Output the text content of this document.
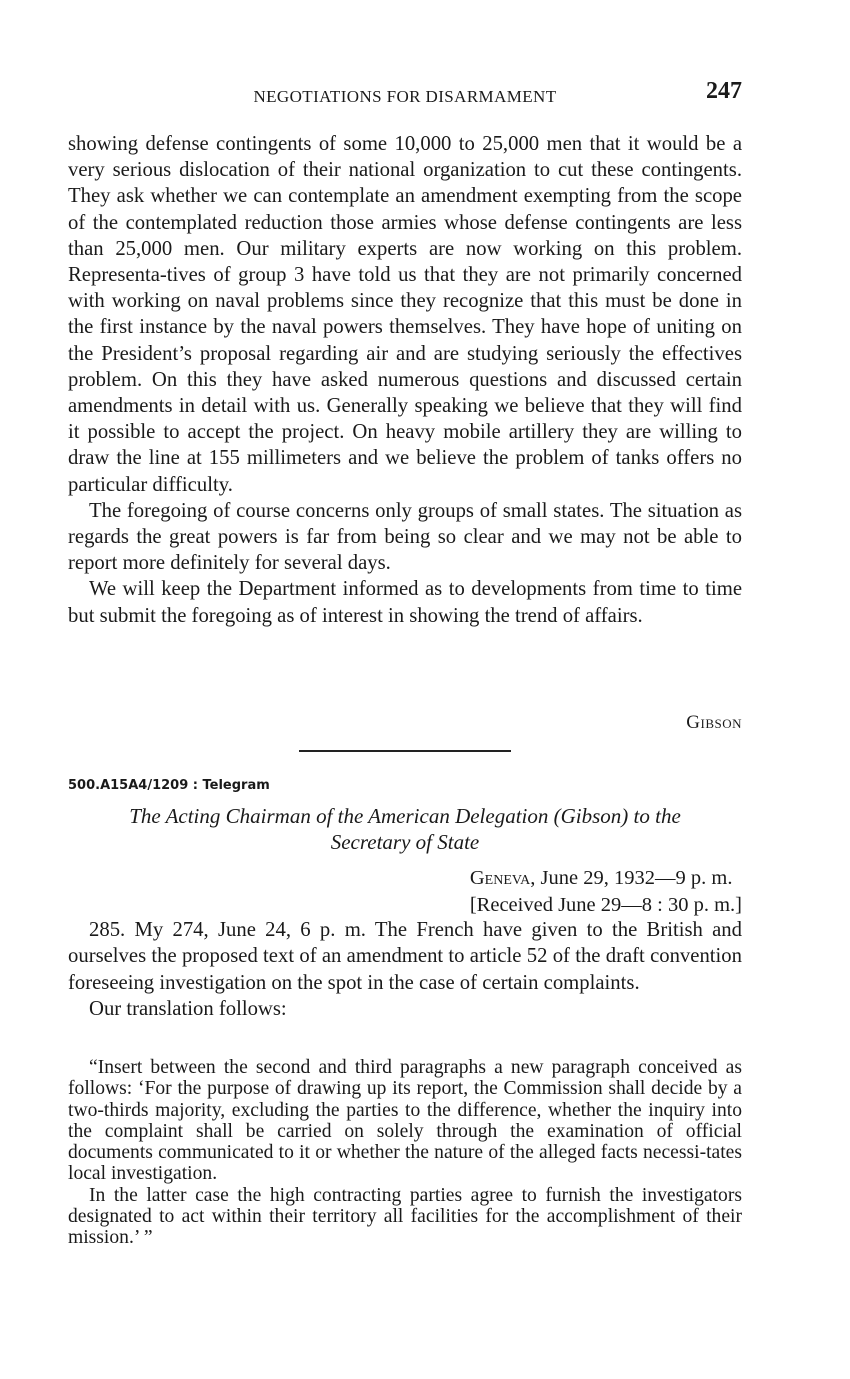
NEGOTIATIONS FOR DISARMAMENT	247

showing defense contingents of some 10,000 to 25,000 men that it would be a very serious dislocation of their national organization to cut these contingents. They ask whether we can contemplate an amendment exempting from the scope of the contemplated reduction those armies whose defense contingents are less than 25,000 men. Our military experts are now working on this problem. Representa-tives of group 3 have told us that they are not primarily concerned with working on naval problems since they recognize that this must be done in the first instance by the naval powers themselves. They have hope of uniting on the President’s proposal regarding air and are studying seriously the effectives problem. On this they have asked numerous questions and discussed certain amendments in detail with us. Generally speaking we believe that they will find it possible to accept the project. On heavy mobile artillery they are willing to draw the line at 155 millimeters and we believe the problem of tanks offers no particular difficulty.

The foregoing of course concerns only groups of small states. The situation as regards the great powers is far from being so clear and we may not be able to report more definitely for several days.

We will keep the Department informed as to developments from time to time but submit the foregoing as of interest in showing the trend of affairs.

Gibson
500.A15A4/1209 : Telegram
The Acting Chairman of the American Delegation (Gibson) to the
Secretary of State
Geneva, June 29, 1932—9 p. m.
[Received June 29—8 : 30 p. m.]

285. My 274, June 24, 6 p. m. The French have given to the British and ourselves the proposed text of an amendment to article 52 of the draft convention foreseeing investigation on the spot in the case of certain complaints.

Our translation follows:

“Insert between the second and third paragraphs a new paragraph conceived as follows: ‘For the purpose of drawing up its report, the Commission shall decide by a two-thirds majority, excluding the parties to the difference, whether the inquiry into the complaint shall be carried on solely through the examination of official documents communicated to it or whether the nature of the alleged facts necessi-tates local investigation.

In the latter case the high contracting parties agree to furnish the investigators designated to act within their territory all facilities for the accomplishment of their mission.’ ”
